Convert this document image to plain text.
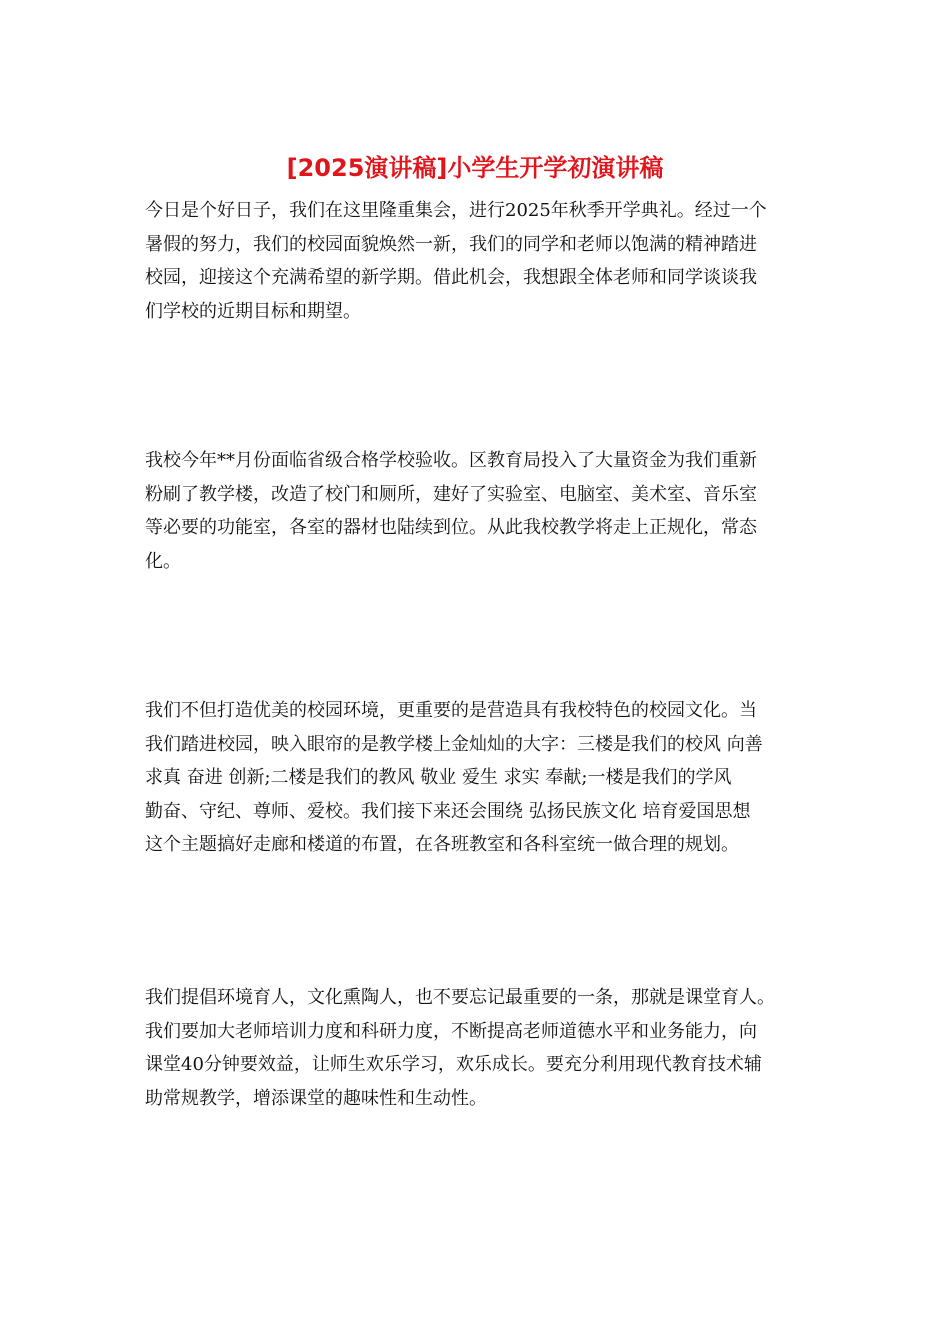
[2025演讲稿]小学生开学初演讲稿
今日是个好日子，我们在这里隆重集会，进行2025年秋季开学典礼。经过一个
暑假的努力，我们的校园面貌焕然一新，我们的同学和老师以饱满的精神踏进
校园，迎接这个充满希望的新学期。借此机会，我想跟全体老师和同学谈谈我
们学校的近期目标和期望。
我校今年**月份面临省级合格学校验收。区教育局投入了大量资金为我们重新
粉刷了教学楼，改造了校门和厕所，建好了实验室、电脑室、美术室、音乐室
等必要的功能室，各室的器材也陆续到位。从此我校教学将走上正规化，常态
化。
我们不但打造优美的校园环境，更重要的是营造具有我校特色的校园文化。当
我们踏进校园，映入眼帘的是教学楼上金灿灿的大字：三楼是我们的校风 向善
求真 奋进 创新;二楼是我们的教风 敬业 爱生 求实 奉献;一楼是我们的学风
勤奋、守纪、尊师、爱校。我们接下来还会围绕 弘扬民族文化 培育爱国思想
这个主题搞好走廊和楼道的布置，在各班教室和各科室统一做合理的规划。
我们提倡环境育人，文化熏陶人，也不要忘记最重要的一条，那就是课堂育人。
我们要加大老师培训力度和科研力度，不断提高老师道德水平和业务能力，向
课堂40分钟要效益，让师生欢乐学习，欢乐成长。要充分利用现代教育技术辅
助常规教学，增添课堂的趣味性和生动性。
